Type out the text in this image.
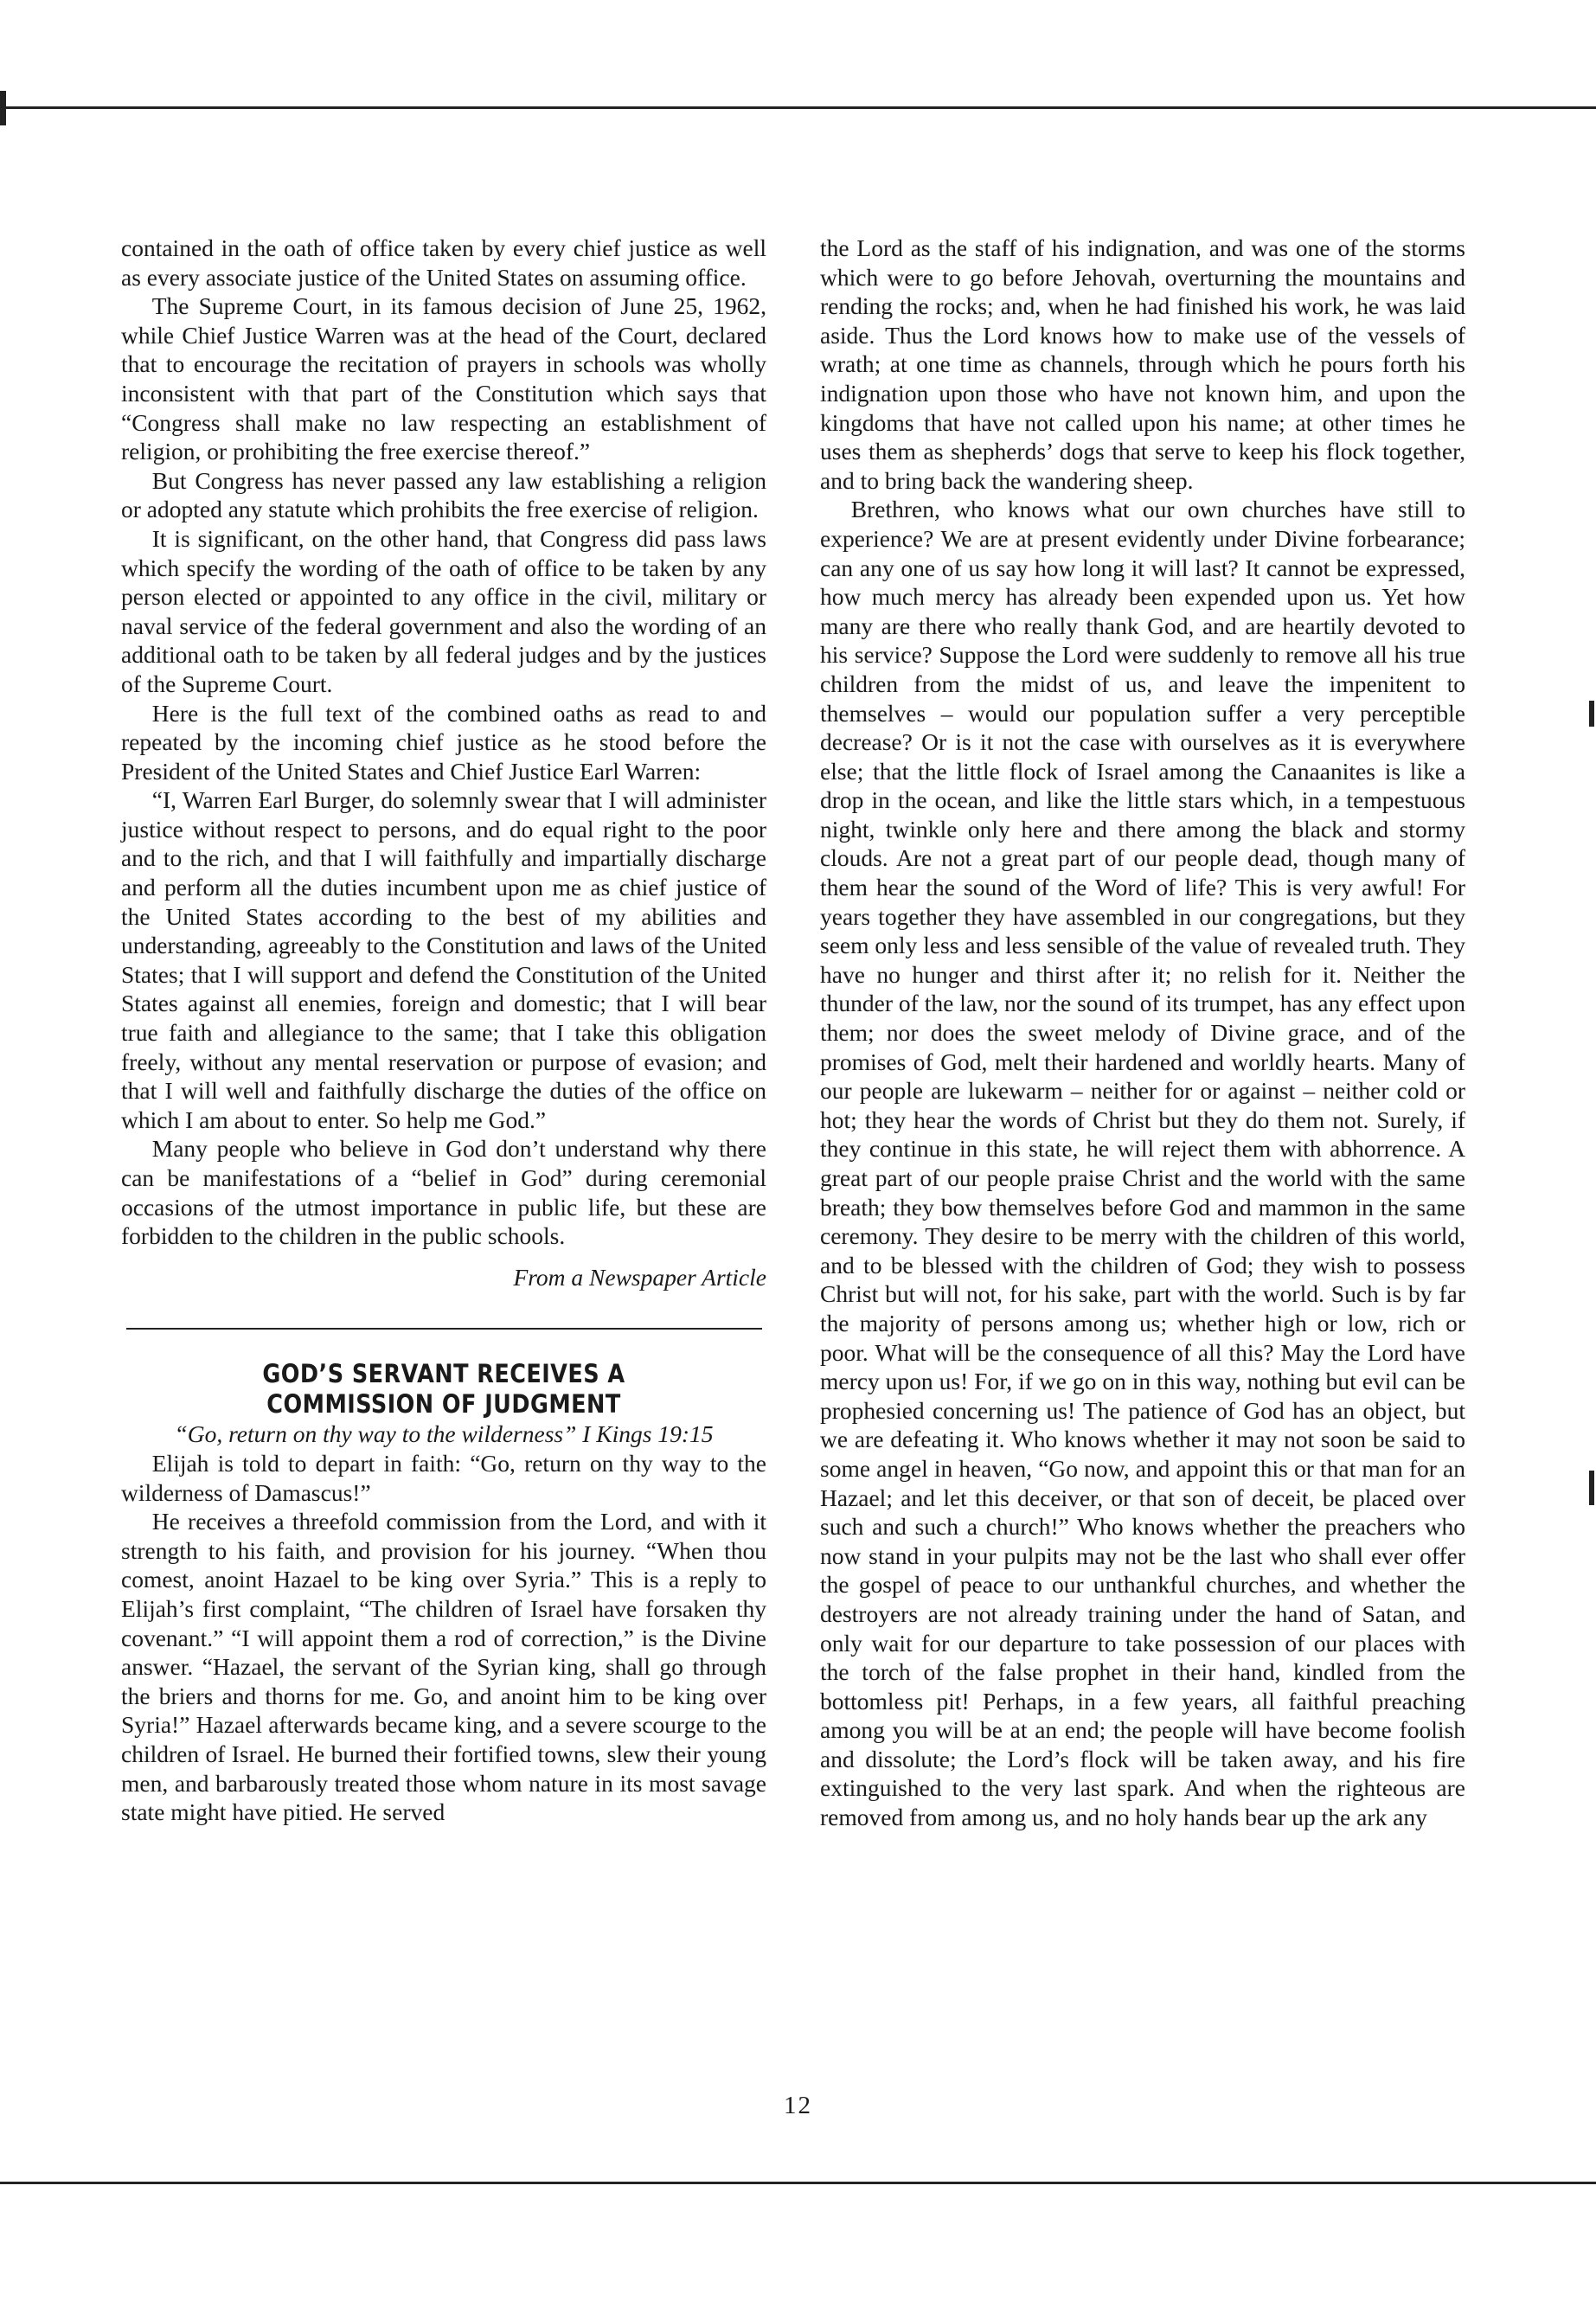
contained in the oath of office taken by every chief justice as well as every associate justice of the United States on assuming office.

The Supreme Court, in its famous decision of June 25, 1962, while Chief Justice Warren was at the head of the Court, declared that to encourage the recitation of prayers in schools was wholly inconsistent with that part of the Constitution which says that “Congress shall make no law respecting an establishment of religion, or prohibiting the free exercise thereof.”

But Congress has never passed any law establishing a religion or adopted any statute which prohibits the free exercise of religion.

It is significant, on the other hand, that Congress did pass laws which specify the wording of the oath of office to be taken by any person elected or appointed to any office in the civil, military or naval service of the federal government and also the wording of an additional oath to be taken by all federal judges and by the justices of the Supreme Court.

Here is the full text of the combined oaths as read to and repeated by the incoming chief justice as he stood before the President of the United States and Chief Justice Earl Warren:

“I, Warren Earl Burger, do solemnly swear that I will administer justice without respect to persons, and do equal right to the poor and to the rich, and that I will faithfully and impartially discharge and perform all the duties incumbent upon me as chief justice of the United States according to the best of my abilities and understanding, agreeably to the Constitution and laws of the United States; that I will support and defend the Constitution of the United States against all enemies, foreign and domestic; that I will bear true faith and allegiance to the same; that I take this obligation freely, without any mental reservation or purpose of evasion; and that I will well and faithfully discharge the duties of the office on which I am about to enter. So help me God.”

Many people who believe in God don’t understand why there can be manifestations of a “belief in God” during ceremonial occasions of the utmost importance in public life, but these are forbidden to the children in the public schools.

From a Newspaper Article
GOD’S SERVANT RECEIVES A
COMMISSION OF JUDGMENT

“Go, return on thy way to the wilderness” I Kings 19:15

Elijah is told to depart in faith: “Go, return on thy way to the wilderness of Damascus!”

He receives a threefold commission from the Lord, and with it strength to his faith, and provision for his journey. “When thou comest, anoint Hazael to be king over Syria.” This is a reply to Elijah’s first complaint, “The children of Israel have forsaken thy covenant.” “I will appoint them a rod of correction,” is the Divine answer. “Hazael, the servant of the Syrian king, shall go through the briers and thorns for me. Go, and anoint him to be king over Syria!” Hazael afterwards became king, and a severe scourge to the children of Israel. He burned their fortified towns, slew their young men, and barbarously treated those whom nature in its most savage state might have pitied. He served

the Lord as the staff of his indignation, and was one of the storms which were to go before Jehovah, overturning the mountains and rending the rocks; and, when he had finished his work, he was laid aside. Thus the Lord knows how to make use of the vessels of wrath; at one time as channels, through which he pours forth his indignation upon those who have not known him, and upon the kingdoms that have not called upon his name; at other times he uses them as shepherds’ dogs that serve to keep his flock together, and to bring back the wandering sheep.

Brethren, who knows what our own churches have still to experience? We are at present evidently under Divine forbearance; can any one of us say how long it will last? It cannot be expressed, how much mercy has already been expended upon us. Yet how many are there who really thank God, and are heartily devoted to his service? Suppose the Lord were suddenly to remove all his true children from the midst of us, and leave the impenitent to themselves – would our population suffer a very perceptible decrease? Or is it not the case with ourselves as it is everywhere else; that the little flock of Israel among the Canaanites is like a drop in the ocean, and like the little stars which, in a tempestuous night, twinkle only here and there among the black and stormy clouds. Are not a great part of our people dead, though many of them hear the sound of the Word of life? This is very awful! For years together they have assembled in our congregations, but they seem only less and less sensible of the value of revealed truth. They have no hunger and thirst after it; no relish for it. Neither the thunder of the law, nor the sound of its trumpet, has any effect upon them; nor does the sweet melody of Divine grace, and of the promises of God, melt their hardened and worldly hearts. Many of our people are lukewarm – neither for or against – neither cold or hot; they hear the words of Christ but they do them not. Surely, if they continue in this state, he will reject them with abhorrence. A great part of our people praise Christ and the world with the same breath; they bow themselves before God and mammon in the same ceremony. They desire to be merry with the children of this world, and to be blessed with the children of God; they wish to possess Christ but will not, for his sake, part with the world. Such is by far the majority of persons among us; whether high or low, rich or poor. What will be the consequence of all this? May the Lord have mercy upon us! For, if we go on in this way, nothing but evil can be prophesied concerning us! The patience of God has an object, but we are defeating it. Who knows whether it may not soon be said to some angel in heaven, “Go now, and appoint this or that man for an Hazael; and let this deceiver, or that son of deceit, be placed over such and such a church!” Who knows whether the preachers who now stand in your pulpits may not be the last who shall ever offer the gospel of peace to our unthankful churches, and whether the destroyers are not already training under the hand of Satan, and only wait for our departure to take possession of our places with the torch of the false prophet in their hand, kindled from the bottomless pit! Perhaps, in a few years, all faithful preaching among you will be at an end; the people will have become foolish and dissolute; the Lord’s flock will be taken away, and his fire extinguished to the very last spark. And when the righteous are removed from among us, and no holy hands bear up the ark any

12
